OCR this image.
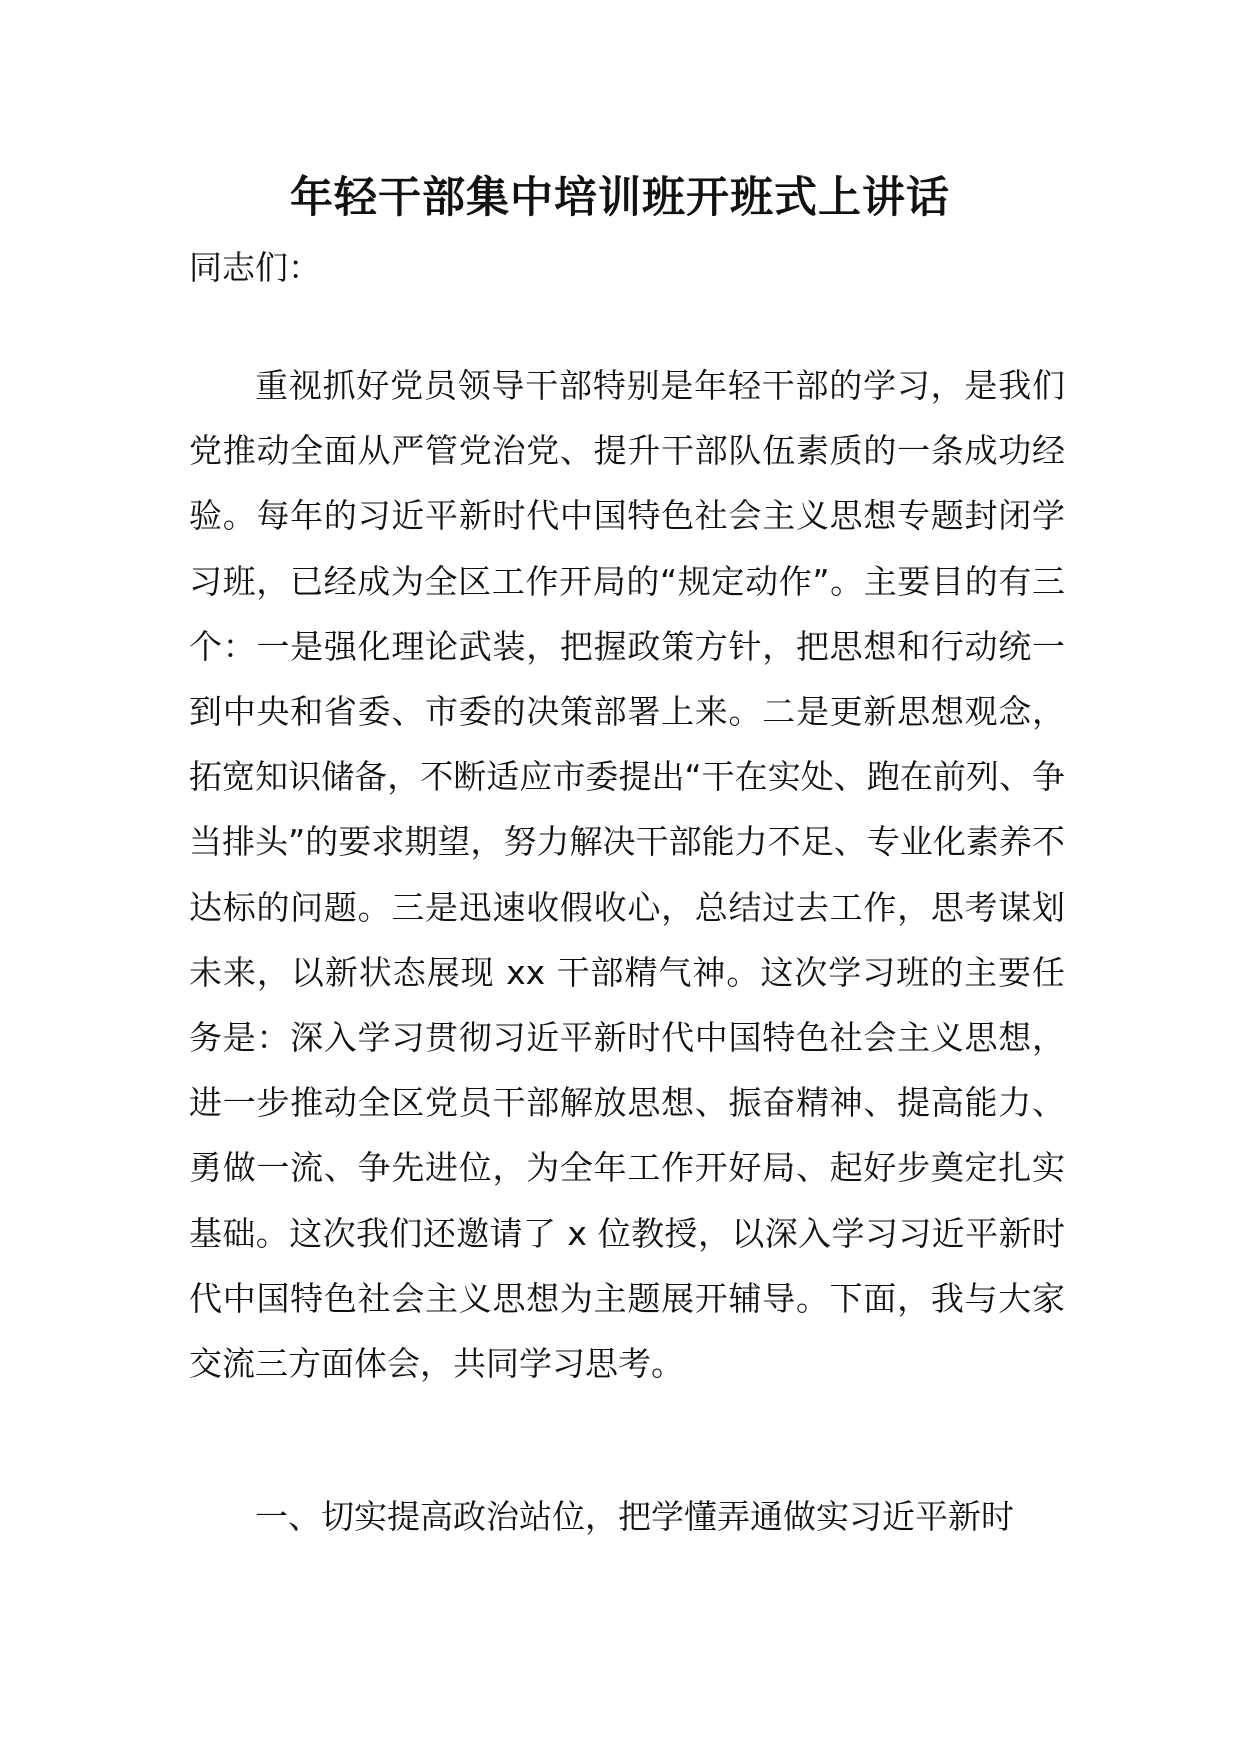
年轻干部集中培训班开班式上讲话

同志们：

重视抓好党员领导干部特别是年轻干部的学习，是我们党推动全面从严管党治党、提升干部队伍素质的一条成功经验。每年的习近平新时代中国特色社会主义思想专题封闭学习班，已经成为全区工作开局的“规定动作”。主要目的有三个：一是强化理论武装，把握政策方针，把思想和行动统一到中央和省委、市委的决策部署上来。二是更新思想观念，拓宽知识储备，不断适应市委提出“干在实处、跑在前列、争当排头”的要求期望，努力解决干部能力不足、专业化素养不达标的问题。三是迅速收假收心，总结过去工作，思考谋划未来，以新状态展现 xx 干部精气神。这次学习班的主要任务是：深入学习贯彻习近平新时代中国特色社会主义思想，进一步推动全区党员干部解放思想、振奋精神、提高能力、勇做一流、争先进位，为全年工作开好局、起好步奠定扎实基础。这次我们还邀请了 x 位教授，以深入学习习近平新时代中国特色社会主义思想为主题展开辅导。下面，我与大家交流三方面体会，共同学习思考。

一、切实提高政治站位，把学懂弄通做实习近平新时
